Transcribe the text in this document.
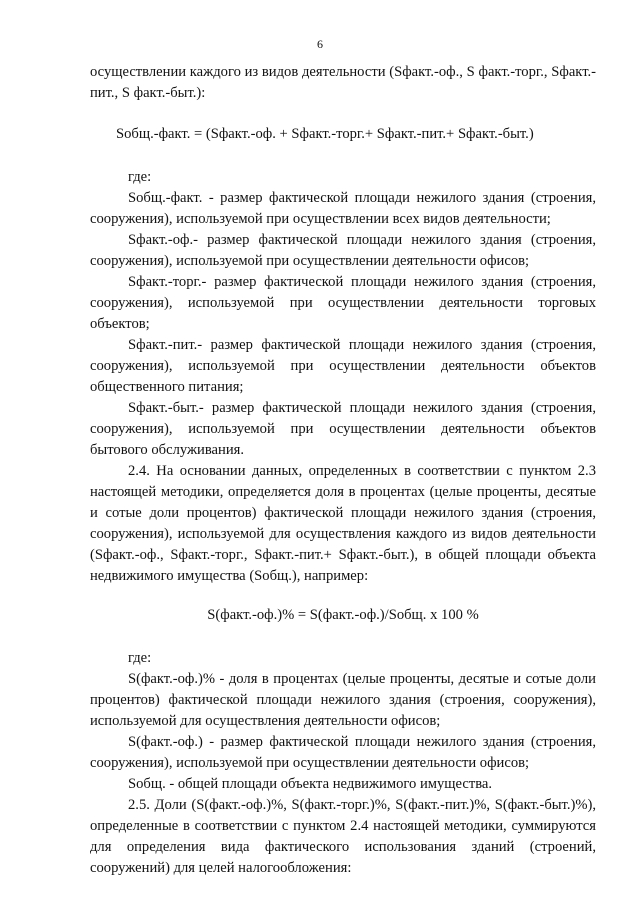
6

осуществлении каждого из видов деятельности (Sфакт.-оф., S факт.-торг., Sфакт.-пит., S факт.-быт.):

Sобщ.-факт. = (Sфакт.-оф. + Sфакт.-торг.+ Sфакт.-пит.+ Sфакт.-быт.)

где:

Sобщ.-факт. - размер фактической площади нежилого здания (строения, сооружения), используемой при осуществлении всех видов деятельности;

Sфакт.-оф.- размер фактической площади нежилого здания (строения, сооружения), используемой при осуществлении деятельности офисов;

Sфакт.-торг.- размер фактической площади нежилого здания (строения, сооружения), используемой при осуществлении деятельности торговых объектов;

Sфакт.-пит.- размер фактической площади нежилого здания (строения, сооружения), используемой при осуществлении деятельности объектов общественного питания;

Sфакт.-быт.- размер фактической площади нежилого здания (строения, сооружения), используемой при осуществлении деятельности объектов бытового обслуживания.

2.4. На основании данных, определенных в соответствии с пунктом 2.3 настоящей методики, определяется доля в процентах (целые проценты, десятые и сотые доли процентов) фактической площади нежилого здания (строения, сооружения), используемой для осуществления каждого из видов деятельности (Sфакт.-оф., Sфакт.-торг., Sфакт.-пит.+ Sфакт.-быт.), в общей площади объекта недвижимого имущества (Sобщ.), например:

S(факт.-оф.)% = S(факт.-оф.)/Sобщ. х 100 %

где:

S(факт.-оф.)% - доля в процентах (целые проценты, десятые и сотые доли процентов) фактической площади нежилого здания (строения, сооружения), используемой для осуществления деятельности офисов;

S(факт.-оф.) - размер фактической площади нежилого здания (строения, сооружения), используемой при осуществлении деятельности офисов;

Sобщ. - общей площади объекта недвижимого имущества.

2.5. Доли (S(факт.-оф.)%, S(факт.-торг.)%, S(факт.-пит.)%, S(факт.-быт.)%), определенные в соответствии с пунктом 2.4 настоящей методики, суммируются для определения вида фактического использования зданий (строений, сооружений) для целей налогообложения:
